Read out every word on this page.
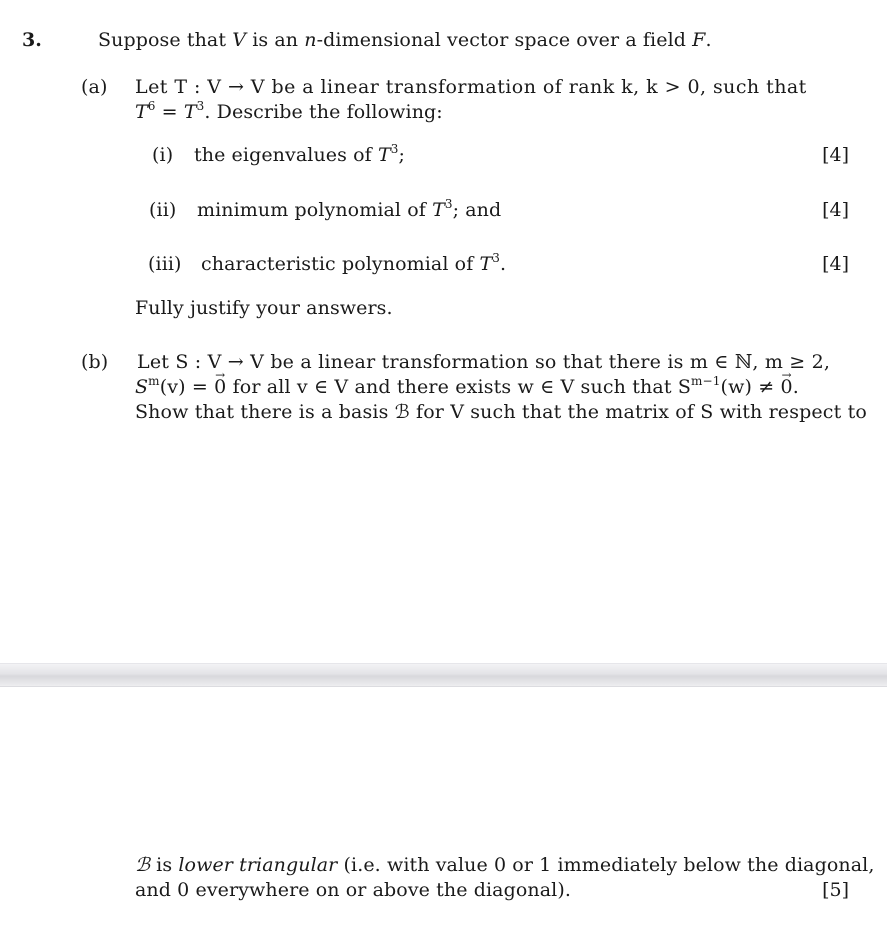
3.	Suppose that V is an n-dimensional vector space over a field F.
(a) Let T : V → V be a linear transformation of rank k, k > 0, such that
$T^6 = T^3$. Describe the following:
(i) the eigenvalues of $T^3$;	[4]
(ii) minimum polynomial of $T^3$; and	[4]
(iii) characteristic polynomial of $T^3$.	[4]
Fully justify your answers.
(b) Let S : V → V be a linear transformation so that there is m ∈ ℕ, m ≥ 2,
$S^m(v)$ = → 0 for all v ∈ V and there exists w ∈ V such that $S^{m-1}(w)$ ≠ → 0.
Show that there is a basis ℬ for V such that the matrix of S with respect to
ℬ is lower triangular (i.e. with value 0 or 1 immediately below the diagonal,
and 0 everywhere on or above the diagonal).	[5]
